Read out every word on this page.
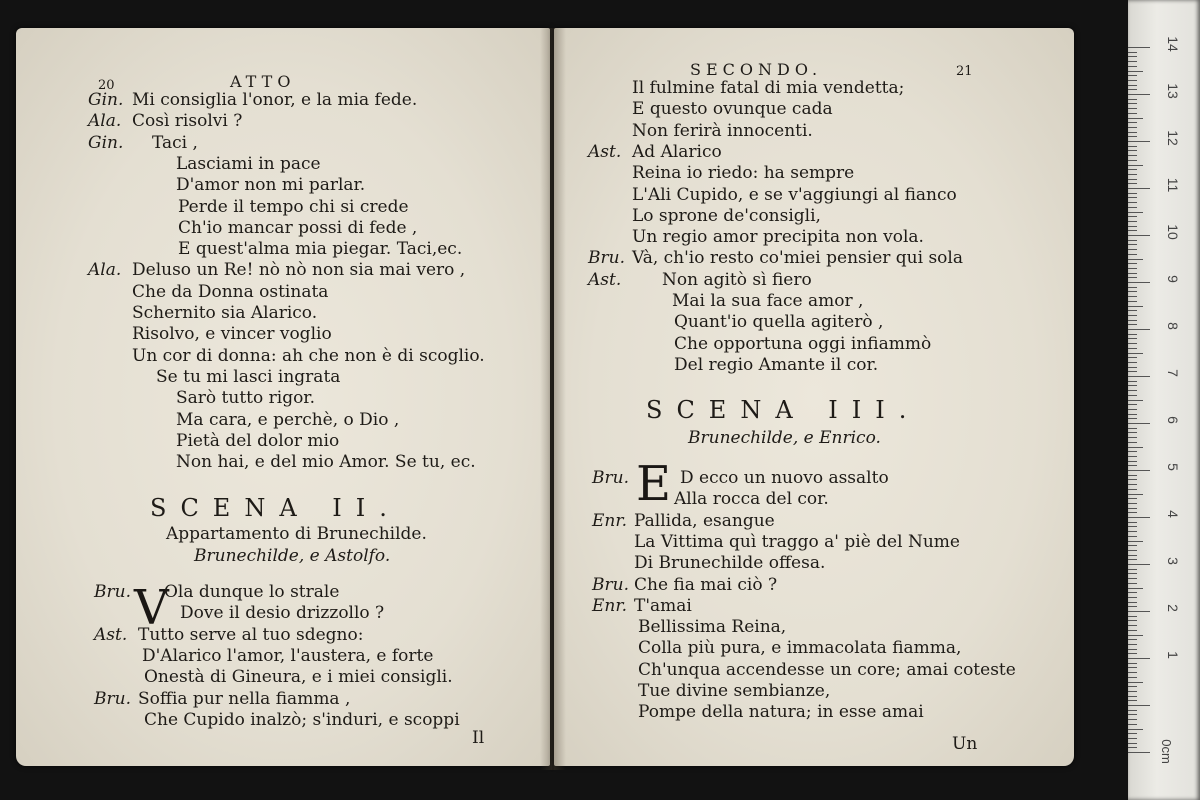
14
13
12
11
10
9
8
7
6
5
4
3
2
1
0cm
20	ATTO
Gin. Mi consiglia l'onor, e la mia fede.
Ala. Così risolvi ?
Gin. Taci ,
Lasciami in pace
D'amor non mi parlar.
Perde il tempo chi si crede
Ch'io mancar possi di fede ,
E quest'alma mia piegar. Taci,ec.
Ala. Deluso un Re! nò nò non sia mai vero ,
Che da Donna ostinata
Schernito sia Alarico.
Risolvo, e vincer voglio
Un cor di donna: ah che non è di scoglio.
Se tu mi lasci ingrata
Sarò tutto rigor.
Ma cara, e perchè, o Dio ,
Pietà del dolor mio
Non hai, e del mio Amor. Se tu, ec.
SCENA II.
Appartamento di Brunechilde.
Brunechilde, e Astolfo.
V
Bru. Ola dunque lo strale
Dove il desio drizzollo ?
Ast. Tutto serve al tuo sdegno:
D'Alarico l'amor, l'austera, e forte
Onestà di Gineura, e i miei consigli.
Bru. Soffia pur nella fiamma ,
Che Cupido inalzò; s'induri, e scoppi
Il
SECONDO.	21
Il fulmine fatal di mia vendetta;
E questo ovunque cada
Non ferirà innocenti.
Ast. Ad Alarico
Reina io riedo: ha sempre
L'Ali Cupido, e se v'aggiungi al fianco
Lo sprone de'consigli,
Un regio amor precipita non vola.
Bru. Và, ch'io resto co'miei pensier qui sola
Ast. Non agitò sì fiero
Mai la sua face amor ,
Quant'io quella agiterò ,
Che opportuna oggi infiammò
Del regio Amante il cor.
SCENA III.
Brunechilde, e Enrico.
E
Bru.	D ecco un nuovo assalto
Alla rocca del cor.
Enr. Pallida, esangue
La Vittima quì traggo a' piè del Nume
Di Brunechilde offesa.
Bru. Che fia mai ciò ?
Enr. T'amai
Bellissima Reina,
Colla più pura, e immacolata fiamma,
Ch'unqua accendesse un core; amai coteste
Tue divine sembianze,
Pompe della natura; in esse amai
Un
